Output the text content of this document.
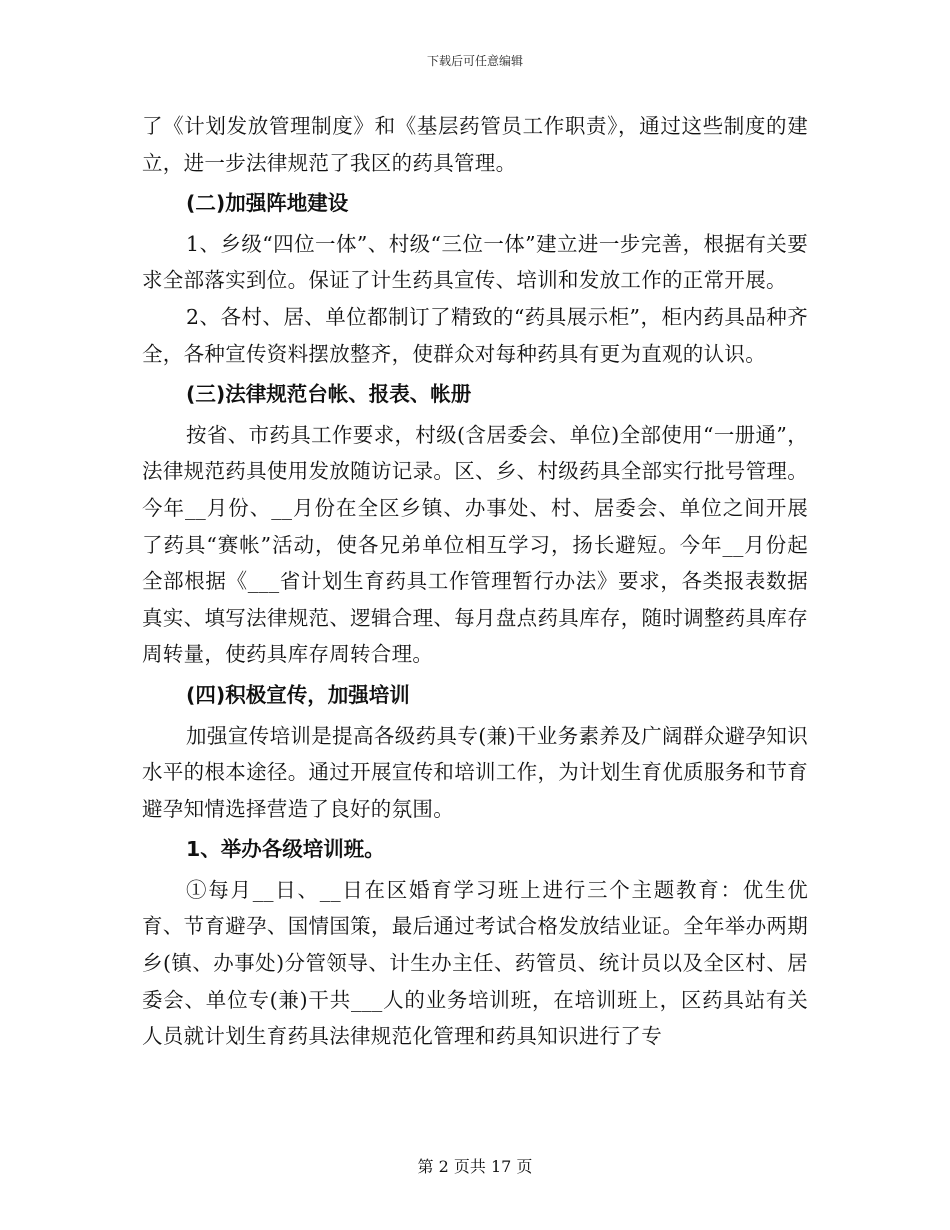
下载后可任意编辑

了《计划发放管理制度》和《基层药管员工作职责》，通过这些制度的建立，进一步法律规范了我区的药具管理。

(二)加强阵地建设

1、乡级“四位一体”、村级“三位一体”建立进一步完善，根据有关要求全部落实到位。保证了计生药具宣传、培训和发放工作的正常开展。

2、各村、居、单位都制订了精致的“药具展示柜”，柜内药具品种齐全，各种宣传资料摆放整齐，使群众对每种药具有更为直观的认识。

(三)法律规范台帐、报表、帐册

按省、市药具工作要求，村级(含居委会、单位)全部使用“一册通”，法律规范药具使用发放随访记录。区、乡、村级药具全部实行批号管理。今年__月份、__月份在全区乡镇、办事处、村、居委会、单位之间开展了药具“赛帐”活动，使各兄弟单位相互学习，扬长避短。今年__月份起全部根据《___省计划生育药具工作管理暂行办法》要求，各类报表数据真实、填写法律规范、逻辑合理、每月盘点药具库存，随时调整药具库存周转量，使药具库存周转合理。

(四)积极宣传，加强培训

加强宣传培训是提高各级药具专(兼)干业务素养及广阔群众避孕知识水平的根本途径。通过开展宣传和培训工作，为计划生育优质服务和节育避孕知情选择营造了良好的氛围。

1、举办各级培训班。

①每月__日、__日在区婚育学习班上进行三个主题教育：优生优育、节育避孕、国情国策，最后通过考试合格发放结业证。全年举办两期乡(镇、办事处)分管领导、计生办主任、药管员、统计员以及全区村、居委会、单位专(兼)干共___人的业务培训班，在培训班上，区药具站有关人员就计划生育药具法律规范化管理和药具知识进行了专

第 2 页共 17 页
